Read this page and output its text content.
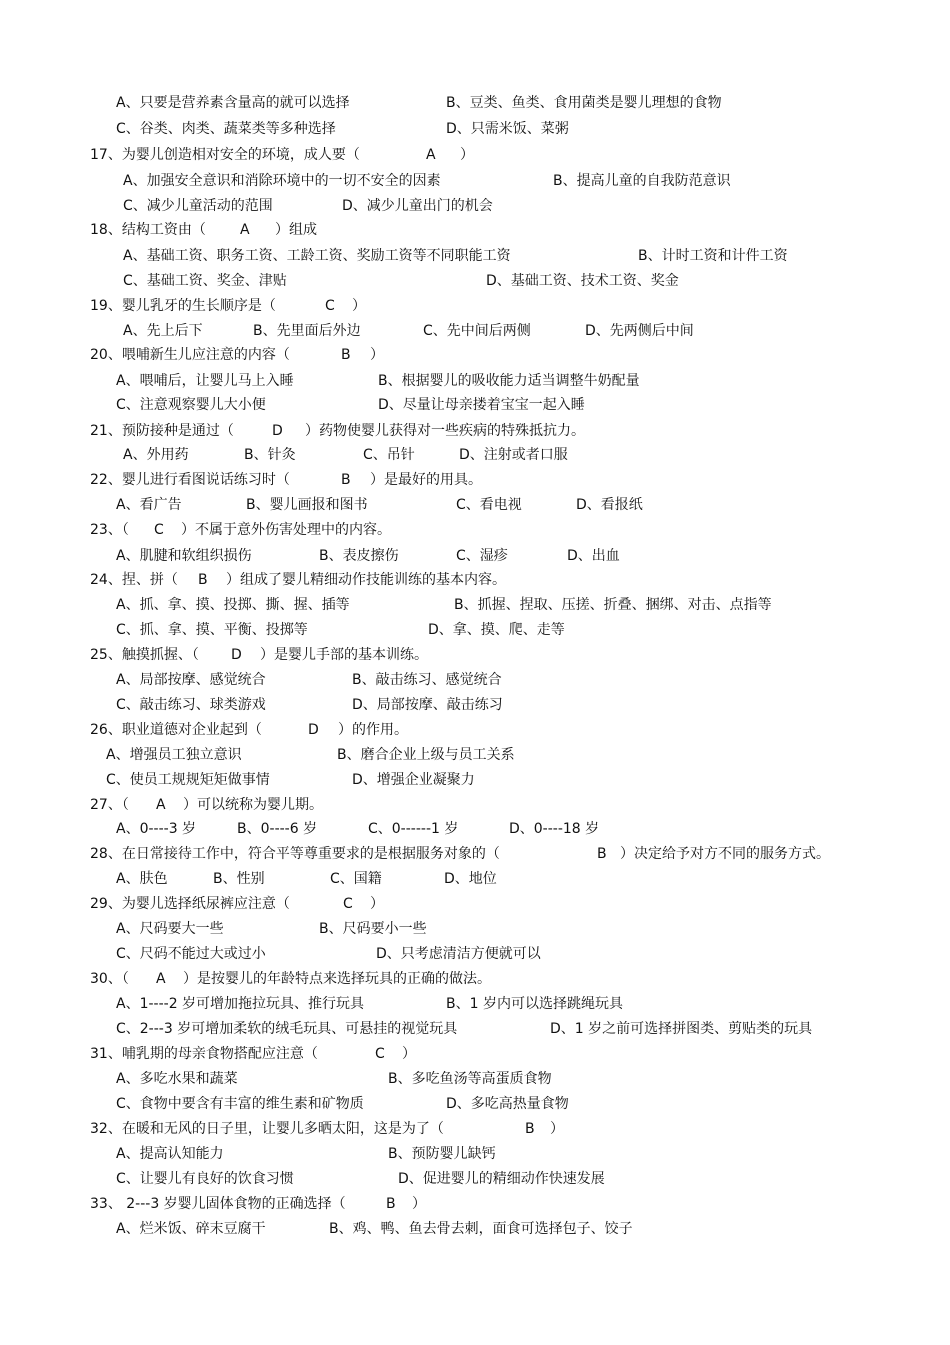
A、只要是营养素含量高的就可以选择	B、豆类、鱼类、食用菌类是婴儿理想的食物
C、谷类、肉类、蔬菜类等多种选择	D、只需米饭、菜粥
17、为婴儿创造相对安全的环境，成人要（	A ）
A、加强安全意识和消除环境中的一切不安全的因素	B、提高儿童的自我防范意识
C、减少儿童活动的范围	D、减少儿童出门的机会
18、结构工资由（ A ）组成
A、基础工资、职务工资、工龄工资、奖励工资等不同职能工资	B、计时工资和计件工资
C、基础工资、奖金、津贴	D、基础工资、技术工资、奖金
19、婴儿乳牙的生长顺序是（	C ）
A、先上后下	B、先里面后外边	C、先中间后两侧	D、先两侧后中间
20、喂哺新生儿应注意的内容（	B ）
A、喂哺后，让婴儿马上入睡	B、根据婴儿的吸收能力适当调整牛奶配量
C、注意观察婴儿大小便	D、尽量让母亲搂着宝宝一起入睡
21、预防接种是通过（	D ）药物使婴儿获得对一些疾病的特殊抵抗力。
A、外用药	B、针灸	C、吊针	D、注射或者口服
22、婴儿进行看图说话练习时（	B ）是最好的用具。
A、看广告	B、婴儿画报和图书	C、看电视	D、看报纸
23、（ C ）不属于意外伤害处理中的内容。
A、肌腱和软组织损伤	B、表皮擦伤	C、湿疹	D、出血
24、捏、拼（ B ）组成了婴儿精细动作技能训练的基本内容。
A、抓、拿、摸、投掷、撕、握、插等	B、抓握、捏取、压搓、折叠、捆绑、对击、点指等
C、抓、拿、摸、平衡、投掷等	D、拿、摸、爬、走等
25、触摸抓握、（ D ）是婴儿手部的基本训练。
A、局部按摩、感觉统合	B、敲击练习、感觉统合
C、敲击练习、球类游戏	D、局部按摩、敲击练习
26、职业道德对企业起到（	D ）的作用。
A、增强员工独立意识	B、磨合企业上级与员工关系
C、使员工规规矩矩做事情	D、增强企业凝聚力
27、（ A ）可以统称为婴儿期。
A、0----3 岁	B、0----6 岁	C、0------1 岁	D、0----18 岁
28、在日常接待工作中，符合平等尊重要求的是根据服务对象的（	B ）决定给予对方不同的服务方式。
A、肤色	B、性别	C、国籍	D、地位
29、为婴儿选择纸尿裤应注意（	C ）
A、尺码要大一些	B、尺码要小一些
C、尺码不能过大或过小	D、只考虑清洁方便就可以
30、（ A ）是按婴儿的年龄特点来选择玩具的正确的做法。
A、1----2 岁可增加拖拉玩具、推行玩具	B、1 岁内可以选择跳绳玩具
C、2---3 岁可增加柔软的绒毛玩具、可悬挂的视觉玩具	D、1 岁之前可选择拼图类、剪贴类的玩具
31、哺乳期的母亲食物搭配应注意（	C ）
A、多吃水果和蔬菜	B、多吃鱼汤等高蛋质食物
C、食物中要含有丰富的维生素和矿物质	D、多吃高热量食物
32、在暖和无风的日子里，让婴儿多晒太阳，这是为了（	B ）
A、提高认知能力	B、预防婴儿缺钙
C、让婴儿有良好的饮食习惯	D、促进婴儿的精细动作快速发展
33、 2---3 岁婴儿固体食物的正确选择（	B ）
A、烂米饭、碎末豆腐干	B、鸡、鸭、鱼去骨去刺，面食可选择包子、饺子
